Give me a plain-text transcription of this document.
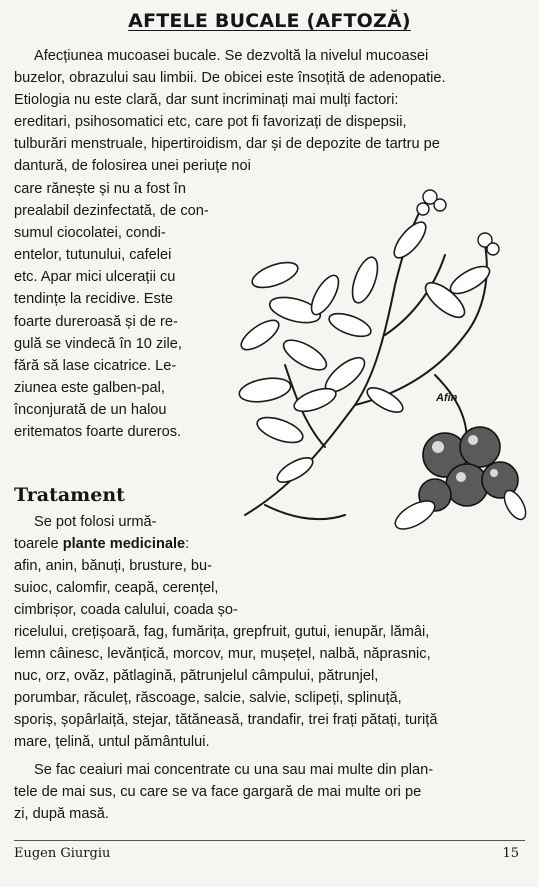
AFTELE BUCALE (AFTOZĂ)
Afecțiunea mucoasei bucale. Se dezvoltă la nivelul mucoasei
buzelor, obrazului sau limbii. De obicei este însoțită de adenopatie.
Etiologia nu este clară, dar sunt incriminați mai mulți factori:
ereditari, psihosomatici etc, care pot fi favorizați de dispepsii,
tulburări menstruale, hipertiroidism, dar și de depozite de tartru pe
dantură, de folosirea unei periuțe noi
care rănește și nu a fost în
prealabil dezinfectată, de con-
sumul ciocolatei, condi-
entelor, tutunului, cafelei
etc. Apar mici ulcerații cu
tendințe la recidive. Este
foarte dureroasă și de re-
gulă se vindecă în 10 zile,
fără să lase cicatrice. Le-
ziunea este galben-pal,
înconjurată de un halou
eritematos foarte dureros.
Tratament
Se pot folosi urmă-
toarele plante medicinale:
afin, anin, bănuți, brusture, bu-
suioc, calomfir, ceapă, cerențel,
cimbrișor, coada calului, coada șo-
ricelului, crețișoară, fag, fumărița, grepfruit, gutui, ienupăr, lămâi,
lemn câinesc, levănțică, morcov, mur, mușețel, nalbă, năprasnic,
nuc, orz, ovăz, pătlagină, pătrunjelul câmpului, pătrunjel,
porumbar, răculeț, răscoage, salcie, salvie, sclipeți, splinuță,
sporiș, șopârlaiță, stejar, tătăneasă, trandafir, trei frați pătați, turiță
mare, țelină, untul pământului.
Se fac ceaiuri mai concentrate cu una sau mai multe din plan-
tele de mai sus, cu care se va face gargară de mai multe ori pe
zi, după masă.
Afin
Eugen Giurgiu	15
